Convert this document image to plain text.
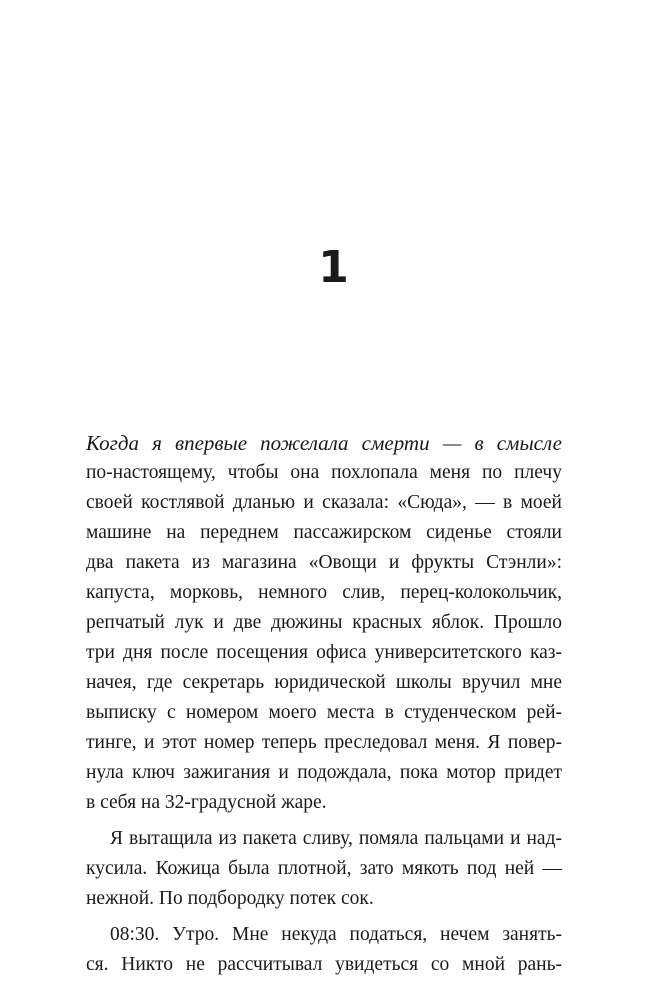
1
Когда я впервые пожелала смерти — в смысле
по-настоящему, чтобы она похлопала меня по плечу
своей костлявой дланью и сказала: «Сюда», — в моей
машине на переднем пассажирском сиденье стояли
два пакета из магазина «Овощи и фрукты Стэнли»:
капуста, морковь, немного слив, перец-колокольчик,
репчатый лук и две дюжины красных яблок. Прошло
три дня после посещения офиса университетского каз-
начея, где секретарь юридической школы вручил мне
выписку с номером моего места в студенческом рей-
тинге, и этот номер теперь преследовал меня. Я повер-
нула ключ зажигания и подождала, пока мотор придет
в себя на 32-градусной жаре.
Я вытащила из пакета сливу, помяла пальцами и над-
кусила. Кожица была плотной, зато мякоть под ней —
нежной. По подбородку потек сок.
08:30. Утро. Мне некуда податься, нечем занять-
ся. Никто не рассчитывал увидеться со мной рань-
